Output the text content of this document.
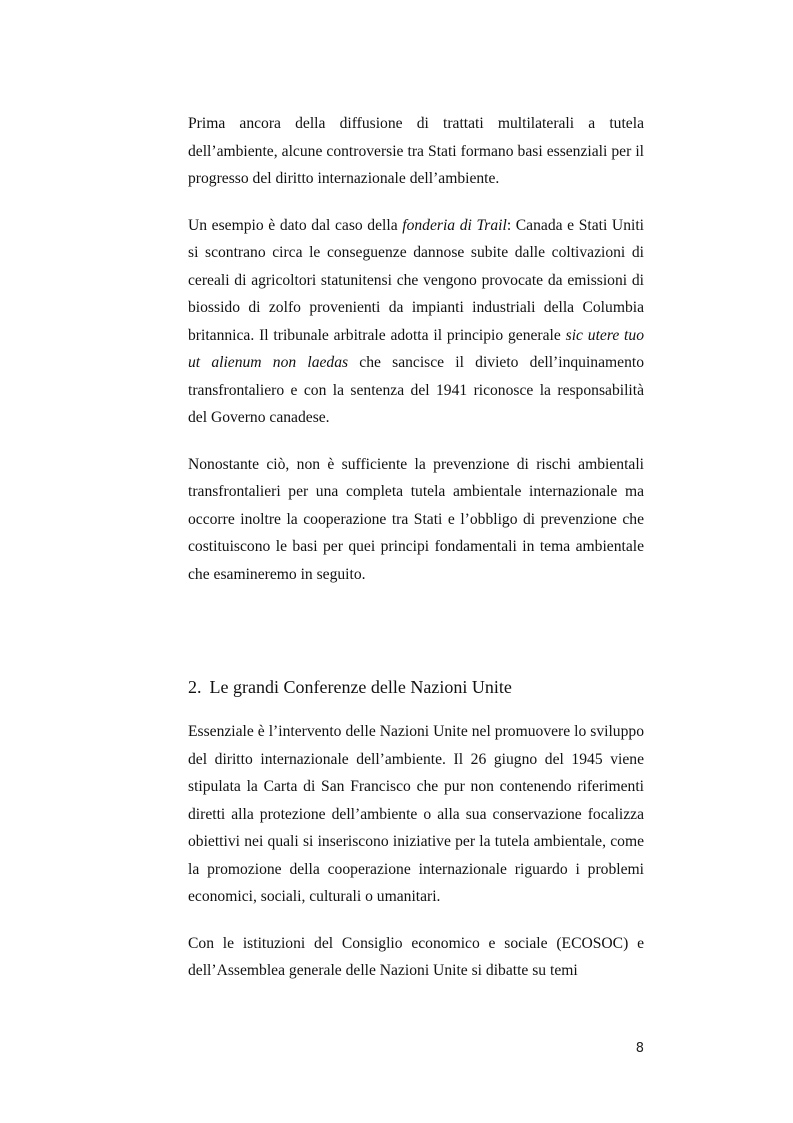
Prima ancora della diffusione di trattati multilaterali a tutela dell’ambiente, alcune controversie tra Stati formano basi essenziali per il progresso del diritto internazionale dell’ambiente.

Un esempio è dato dal caso della fonderia di Trail: Canada e Stati Uniti si scontrano circa le conseguenze dannose subite dalle coltivazioni di cereali di agricoltori statunitensi che vengono provocate da emissioni di biossido di zolfo provenienti da impianti industriali della Columbia britannica. Il tribunale arbitrale adotta il principio generale sic utere tuo ut alienum non laedas che sancisce il divieto dell’inquinamento transfrontaliero e con la sentenza del 1941 riconosce la responsabilità del Governo canadese.

Nonostante ciò, non è sufficiente la prevenzione di rischi ambientali transfrontalieri per una completa tutela ambientale internazionale ma occorre inoltre la cooperazione tra Stati e l’obbligo di prevenzione che costituiscono le basi per quei principi fondamentali in tema ambientale che esamineremo in seguito.

2. Le grandi Conferenze delle Nazioni Unite

Essenziale è l’intervento delle Nazioni Unite nel promuovere lo sviluppo del diritto internazionale dell’ambiente. Il 26 giugno del 1945 viene stipulata la Carta di San Francisco che pur non contenendo riferimenti diretti alla protezione dell’ambiente o alla sua conservazione focalizza obiettivi nei quali si inseriscono iniziative per la tutela ambientale, come la promozione della cooperazione internazionale riguardo i problemi economici, sociali, culturali o umanitari.

Con le istituzioni del Consiglio economico e sociale (ECOSOC) e dell’Assemblea generale delle Nazioni Unite si dibatte su temi

8
